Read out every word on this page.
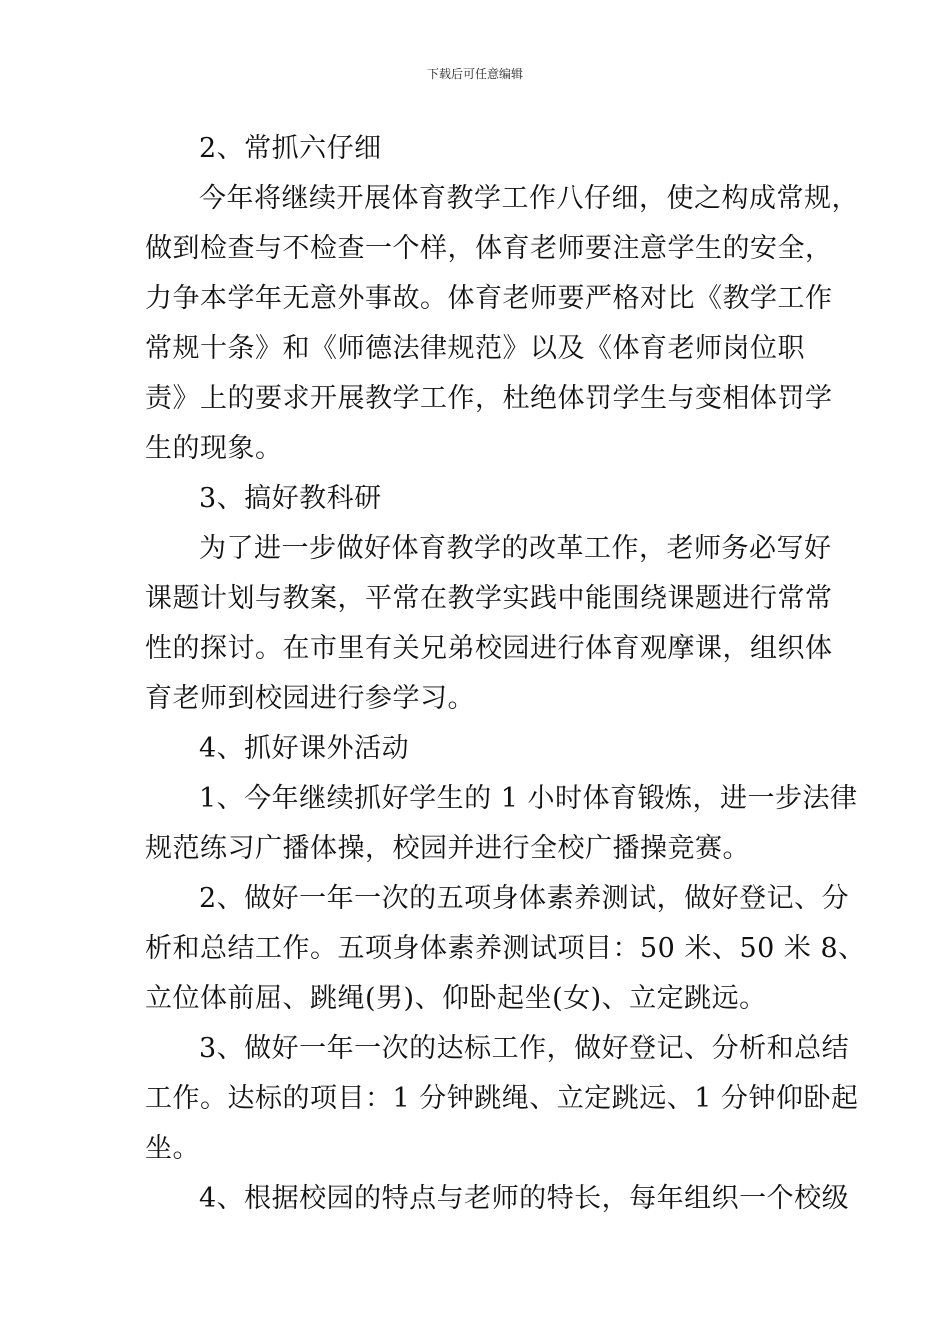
下载后可任意编辑
2、常抓六仔细
今年将继续开展体育教学工作八仔细，使之构成常规，
做到检查与不检查一个样，体育老师要注意学生的安全，
力争本学年无意外事故。体育老师要严格对比《教学工作
常规十条》和《师德法律规范》以及《体育老师岗位职
责》上的要求开展教学工作，杜绝体罚学生与变相体罚学
生的现象。
3、搞好教科研
为了进一步做好体育教学的改革工作，老师务必写好
课题计划与教案，平常在教学实践中能围绕课题进行常常
性的探讨。在市里有关兄弟校园进行体育观摩课，组织体
育老师到校园进行参学习。
4、抓好课外活动
1、今年继续抓好学生的 1 小时体育锻炼，进一步法律
规范练习广播体操，校园并进行全校广播操竞赛。
2、做好一年一次的五项身体素养测试，做好登记、分
析和总结工作。五项身体素养测试项目：50 米、50 米 8、
立位体前屈、跳绳(男)、仰卧起坐(女)、立定跳远。
3、做好一年一次的达标工作，做好登记、分析和总结
工作。达标的项目：1 分钟跳绳、立定跳远、1 分钟仰卧起
坐。
4、根据校园的特点与老师的特长，每年组织一个校级
